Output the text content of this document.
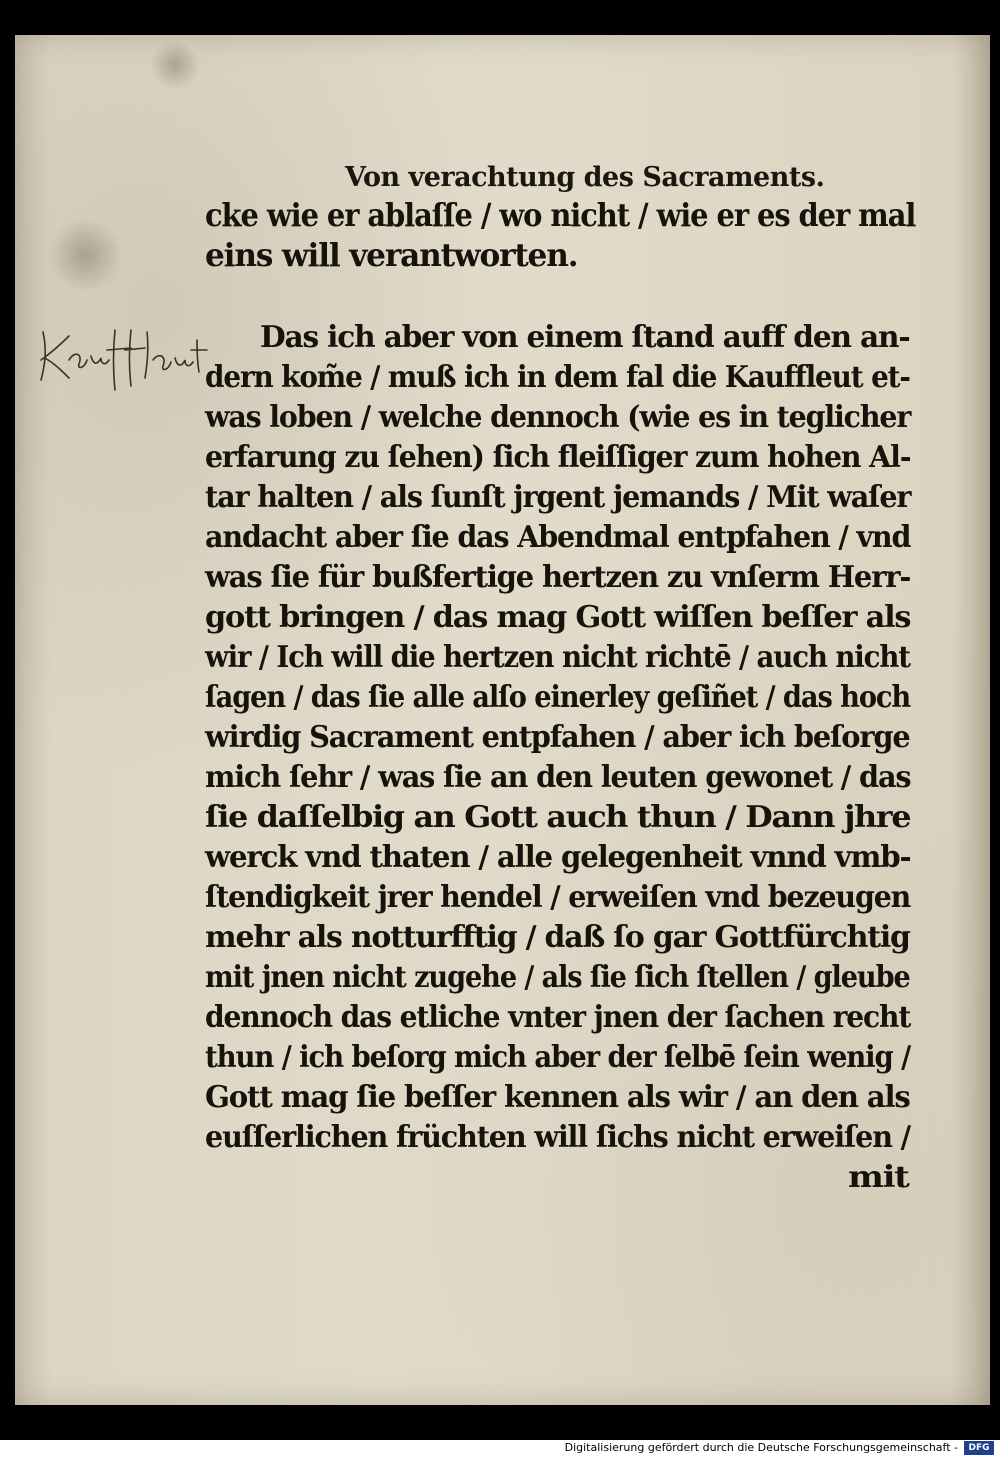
Von verachtung des Sacraments.
cke wie er ablaſſe / wo nicht / wie er es der mal
eins will verantworten.
Das ich aber von einem ſtand auff den an-
dern kom̃e / muß ich in dem fal die Kauffleut et-
was loben / welche dennoch (wie es in teglicher
erfarung zu ſehen) ſich fleiſſiger zum hohen Al-
tar halten / als ſunſt jrgent jemands / Mit waſer
andacht aber ſie das Abendmal entpfahen / vnd
was ſie für bußfertige hertzen zu vnſerm Herr-
gott bringen / das mag Gott wiſſen beſſer als
wir / Ich will die hertzen nicht richtē / auch nicht
ſagen / das ſie alle alſo einerley geſiñet / das hoch
wirdig Sacrament entpfahen / aber ich beſorge
mich ſehr / was ſie an den leuten gewonet / das
ſie daſſelbig an Gott auch thun / Dann jhre
werck vnd thaten / alle gelegenheit vnnd vmb-
ſtendigkeit jrer hendel / erweiſen vnd bezeugen
mehr als notturfftig / daß ſo gar Gottfürchtig
mit jnen nicht zugehe / als ſie ſich ſtellen / gleube
dennoch das etliche vnter jnen der ſachen recht
thun / ich beſorg mich aber der ſelbē ſein wenig /
Gott mag ſie beſſer kennen als wir / an den als
euſſerlichen früchten will ſichs nicht erweiſen /
mit
Digitalisierung gefördert durch die Deutsche Forschungsgemeinschaft -	DFG
